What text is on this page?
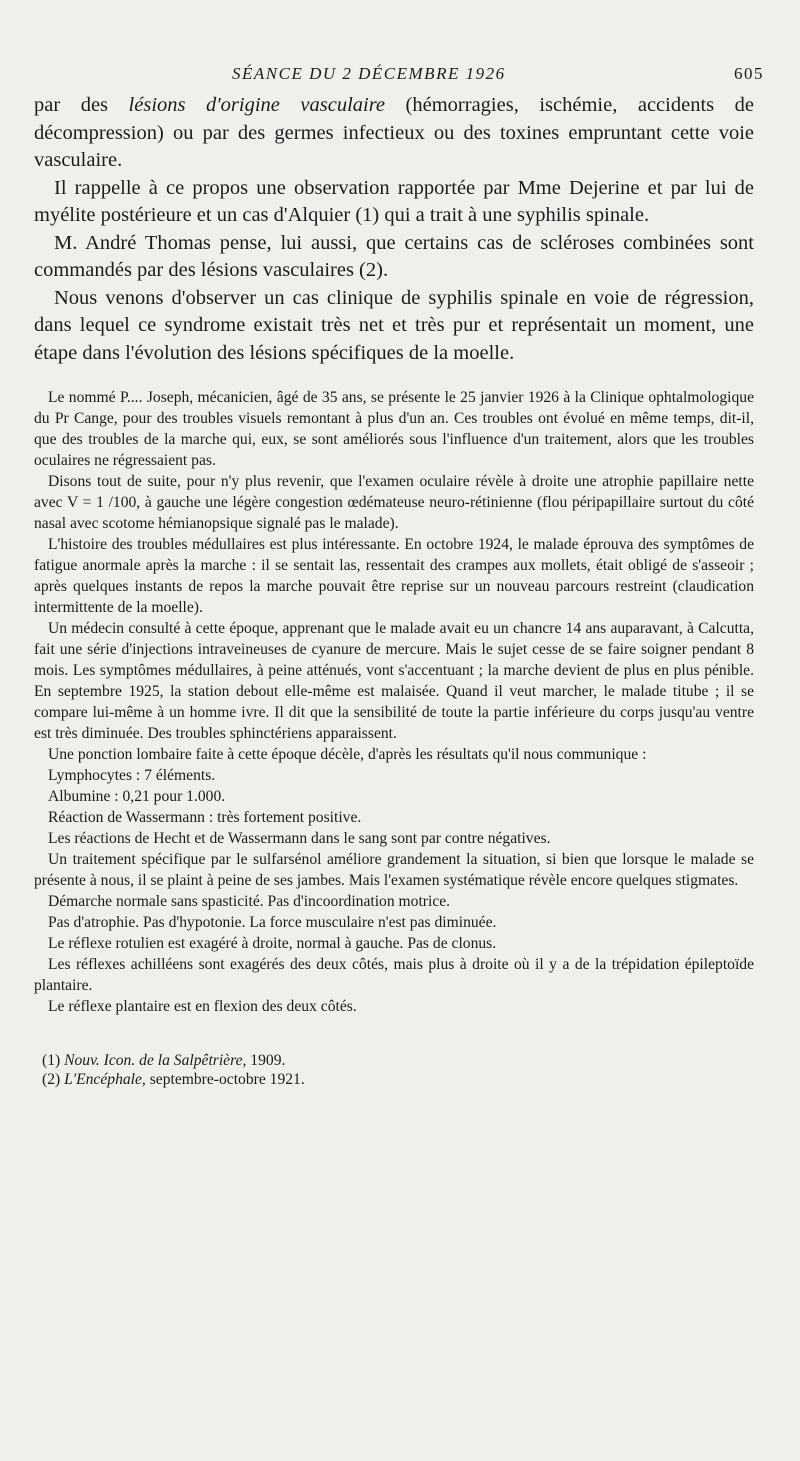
SÉANCE DU 2 DÉCEMBRE 1926	605

par des lésions d'origine vasculaire (hémorragies, ischémie, accidents de décompression) ou par des germes infectieux ou des toxines empruntant cette voie vasculaire.

Il rappelle à ce propos une observation rapportée par Mme Dejerine et par lui de myélite postérieure et un cas d'Alquier (1) qui a trait à une syphilis spinale.

M. André Thomas pense, lui aussi, que certains cas de scléroses combinées sont commandés par des lésions vasculaires (2).

Nous venons d'observer un cas clinique de syphilis spinale en voie de régression, dans lequel ce syndrome existait très net et très pur et représentait un moment, une étape dans l'évolution des lésions spécifiques de la moelle.

Le nommé P.... Joseph, mécanicien, âgé de 35 ans, se présente le 25 janvier 1926 à la Clinique ophtalmologique du Pr Cange, pour des troubles visuels remontant à plus d'un an. Ces troubles ont évolué en même temps, dit-il, que des troubles de la marche qui, eux, se sont améliorés sous l'influence d'un traitement, alors que les troubles oculaires ne régressaient pas.

Disons tout de suite, pour n'y plus revenir, que l'examen oculaire révèle à droite une atrophie papillaire nette avec V = 1 /100, à gauche une légère congestion œdémateuse neuro-rétinienne (flou péripapillaire surtout du côté nasal avec scotome hémianopsique signalé pas le malade).

L'histoire des troubles médullaires est plus intéressante. En octobre 1924, le malade éprouva des symptômes de fatigue anormale après la marche : il se sentait las, ressentait des crampes aux mollets, était obligé de s'asseoir ; après quelques instants de repos la marche pouvait être reprise sur un nouveau parcours restreint (claudication intermittente de la moelle).

Un médecin consulté à cette époque, apprenant que le malade avait eu un chancre 14 ans auparavant, à Calcutta, fait une série d'injections intraveineuses de cyanure de mercure. Mais le sujet cesse de se faire soigner pendant 8 mois. Les symptômes médullaires, à peine atténués, vont s'accentuant ; la marche devient de plus en plus pénible. En septembre 1925, la station debout elle-même est malaisée. Quand il veut marcher, le malade titube ; il se compare lui-même à un homme ivre. Il dit que la sensibilité de toute la partie inférieure du corps jusqu'au ventre est très diminuée. Des troubles sphinctériens apparaissent.

Une ponction lombaire faite à cette époque décèle, d'après les résultats qu'il nous communique :

Lymphocytes : 7 éléments.

Albumine : 0,21 pour 1.000.

Réaction de Wassermann : très fortement positive.

Les réactions de Hecht et de Wassermann dans le sang sont par contre négatives.

Un traitement spécifique par le sulfarsénol améliore grandement la situation, si bien que lorsque le malade se présente à nous, il se plaint à peine de ses jambes. Mais l'examen systématique révèle encore quelques stigmates.

Démarche normale sans spasticité. Pas d'incoordination motrice.

Pas d'atrophie. Pas d'hypotonie. La force musculaire n'est pas diminuée.

Le réflexe rotulien est exagéré à droite, normal à gauche. Pas de clonus.

Les réflexes achilléens sont exagérés des deux côtés, mais plus à droite où il y a de la trépidation épileptoïde plantaire.

Le réflexe plantaire est en flexion des deux côtés.

(1) Nouv. Icon. de la Salpêtrière, 1909.

(2) L'Encéphale, septembre-octobre 1921.
